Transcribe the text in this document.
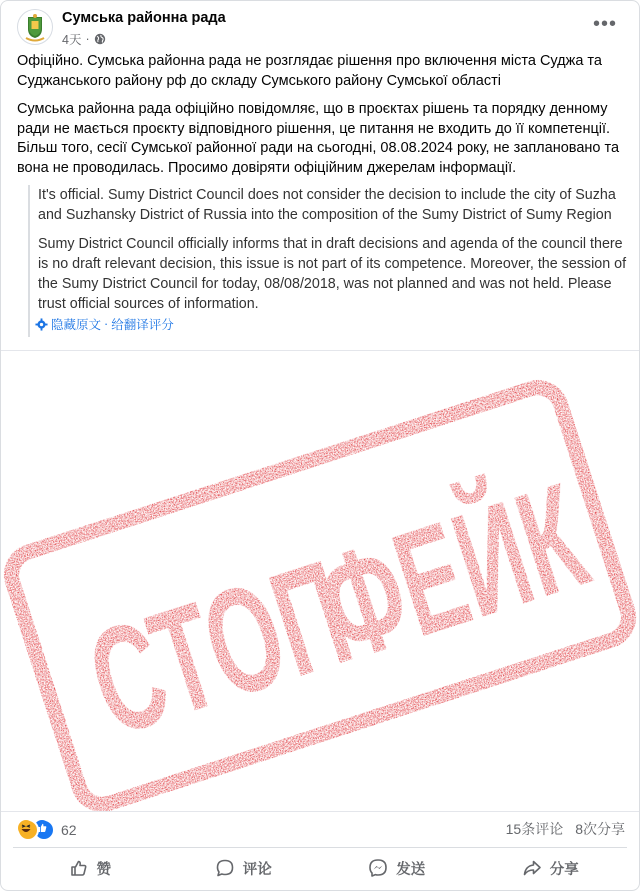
Сумська районна рада
4天 ·
•••

Офіційно. Сумська районна рада не розглядає рішення про включення міста Суджа та Суджанського району рф до складу Сумського району Сумської області

Сумська районна рада офіційно повідомляє, що в проєктах рішень та порядку денному ради не мається проєкту відповідного рішення, це питання не входить до її компетенції. Більш того, сесії Сумської районної ради на сьогодні, 08.08.2024 року, не заплановано та вона не проводилась. Просимо довіряти офіційним джерелам інформації.

It's official. Sumy District Council does not consider the decision to include the city of Suzha and Suzhansky District of Russia into the composition of the Sumy District of Sumy Region

Sumy District Council officially informs that in draft decisions and agenda of the council there is no draft relevant decision, this issue is not part of its competence. Moreover, the session of the Sumy District Council for today, 08/08/2018, was not planned and was not held. Please trust official sources of information.

隐藏原文 · 给翻译评分
СТОП
ФЕЙК
62	15条评论 8次分享
赞	评论	发送	分享
